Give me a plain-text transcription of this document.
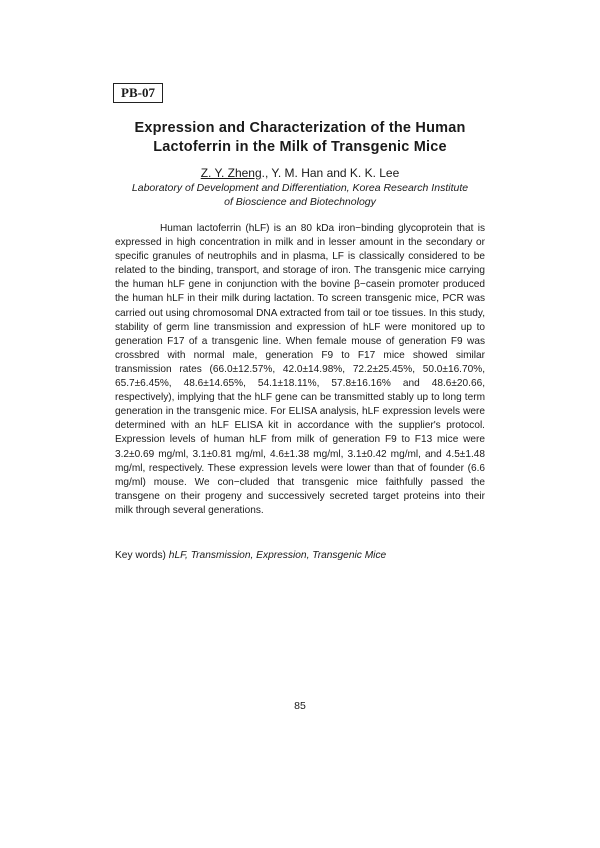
PB-07
Expression and Characterization of the Human
Lactoferrin in the Milk of Transgenic Mice
Z. Y. Zheng., Y. M. Han and K. K. Lee
Laboratory of Development and Differentiation, Korea Research Institute
of Bioscience and Biotechnology

Human lactoferrin (hLF) is an 80 kDa iron−binding glycoprotein that is expressed in high concentration in milk and in lesser amount in the secondary or specific granules of neutrophils and in plasma, LF is classically considered to be related to the binding, transport, and storage of iron. The transgenic mice carrying the human hLF gene in conjunction with the bovine β−casein promoter produced the human hLF in their milk during lactation. To screen transgenic mice, PCR was carried out using chromosomal DNA extracted from tail or toe tissues. In this study, stability of germ line transmission and expression of hLF were monitored up to generation F17 of a transgenic line. When female mouse of generation F9 was crossbred with normal male, generation F9 to F17 mice showed similar transmission rates (66.0±12.57%, 42.0±14.98%, 72.2±25.45%, 50.0±16.70%, 65.7±6.45%, 48.6±14.65%, 54.1±18.11%, 57.8±16.16% and 48.6±20.66, respectively), implying that the hLF gene can be transmitted stably up to long term generation in the transgenic mice. For ELISA analysis, hLF expression levels were determined with an hLF ELISA kit in accordance with the supplier's protocol. Expression levels of human hLF from milk of generation F9 to F13 mice were 3.2±0.69 mg/ml, 3.1±0.81 mg/ml, 4.6±1.38 mg/ml, 3.1±0.42 mg/ml, and 4.5±1.48 mg/ml, respectively. These expression levels were lower than that of founder (6.6 mg/ml) mouse. We con−cluded that transgenic mice faithfully passed the transgene on their progeny and successively secreted target proteins into their milk through several generations.

Key words) hLF, Transmission, Expression, Transgenic Mice
85
